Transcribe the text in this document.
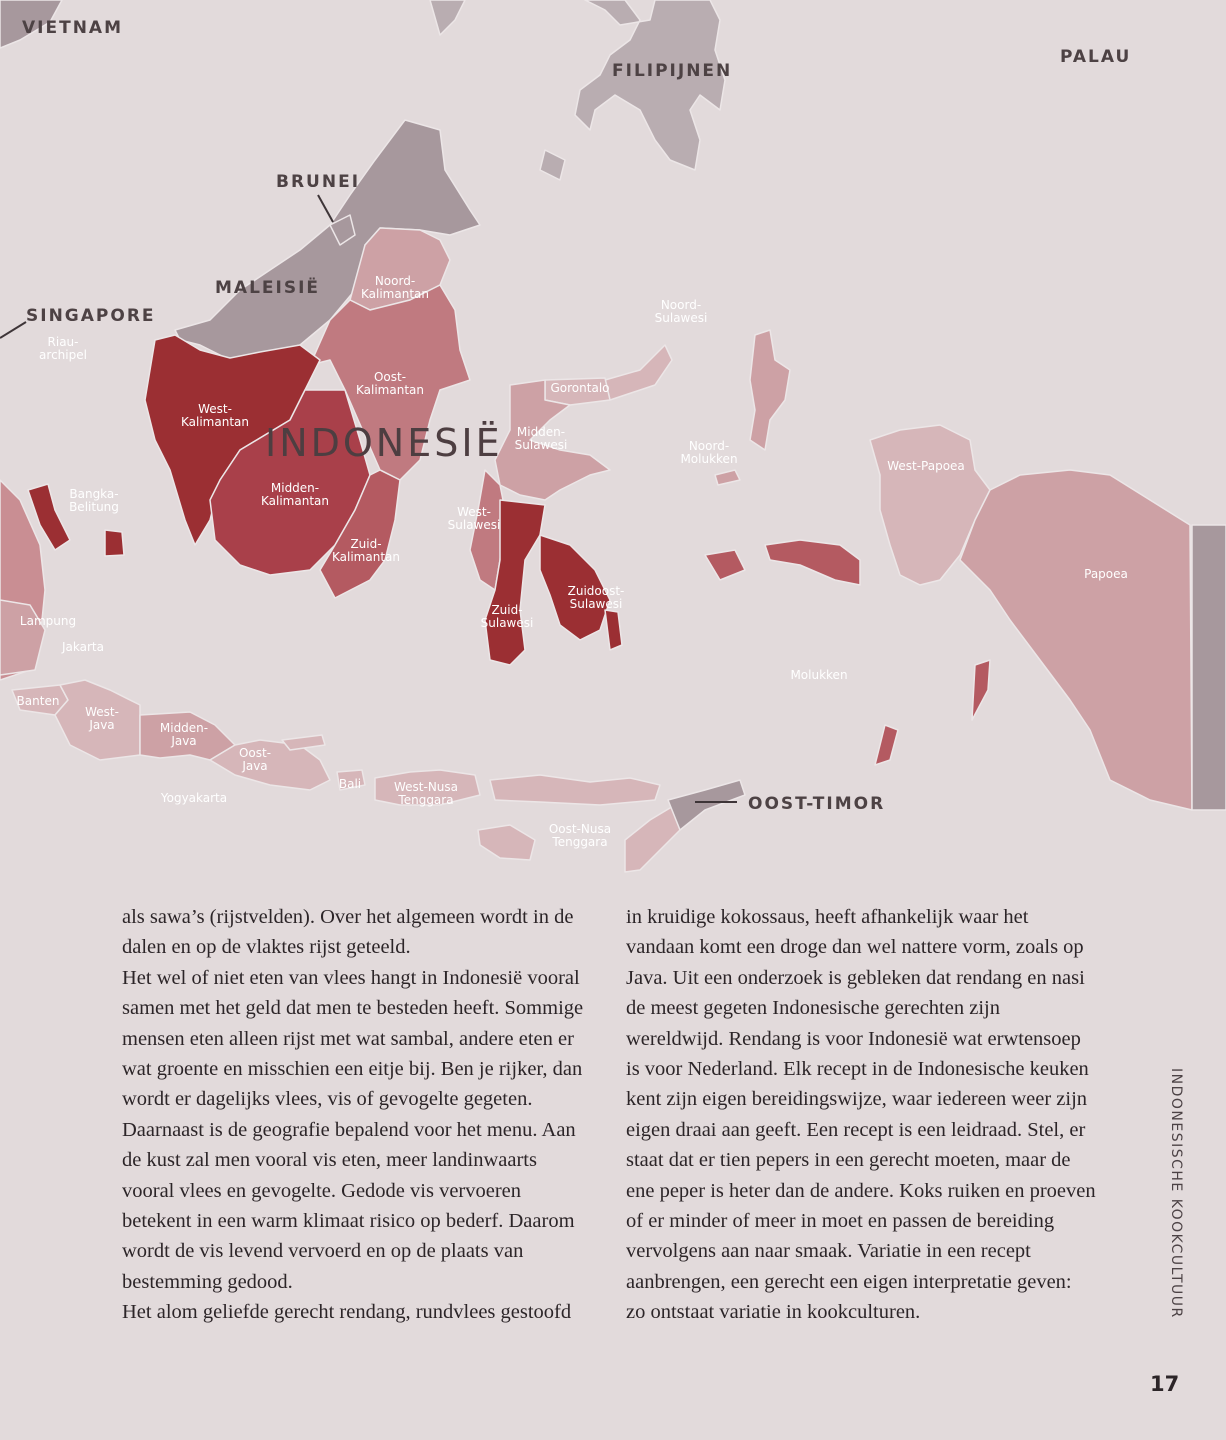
VIETNAM
FILIPIJNEN
PALAU
BRUNEI
MALEISIË
SINGAPORE
OOST-TIMOR
INDONESIË
Noord-Kalimantan
Oost-Kalimantan
West-Kalimantan
Midden-Kalimantan
Zuid-Kalimantan
Riau-archipel
Bangka-Belitung
Lampung
Jakarta
Banten
West-Java	Midden-Java
Oost-Java
Yogyakarta
Bali	West-Nusa Tenggara
Oost-Nusa Tenggara
Noord-Sulawesi
Gorontalo
Midden-Sulawesi
West-Sulawesi
Zuid-Sulawesi
Zuidoost-Sulawesi
Noord-Molukken
Molukken
West-Papoea
Papoea

als sawa’s (rijstvelden). Over het algemeen wordt in de dalen en op de vlaktes rijst geteeld.

Het wel of niet eten van vlees hangt in Indonesië vooral samen met het geld dat men te besteden heeft. Sommige mensen eten alleen rijst met wat sambal, andere eten er wat groente en misschien een eitje bij. Ben je rijker, dan wordt er dagelijks vlees, vis of gevogelte gegeten. Daarnaast is de geografie bepalend voor het menu. Aan de kust zal men vooral vis eten, meer landinwaarts vooral vlees en gevogelte. Gedode vis vervoeren betekent in een warm klimaat risico op bederf. Daarom wordt de vis levend vervoerd en op de plaats van bestemming gedood.

Het alom geliefde gerecht rendang, rundvlees gestoofd

in kruidige kokossaus, heeft afhankelijk waar het vandaan komt een droge dan wel nattere vorm, zoals op Java. Uit een onderzoek is gebleken dat rendang en nasi de meest gegeten Indonesische gerechten zijn wereldwijd. Rendang is voor Indonesië wat erwtensoep is voor Nederland. Elk recept in de Indonesische keuken kent zijn eigen bereidingswijze, waar iedereen weer zijn eigen draai aan geeft. Een recept is een leidraad. Stel, er staat dat er tien pepers in een gerecht moeten, maar de ene peper is heter dan de andere. Koks ruiken en proeven of er minder of meer in moet en passen de bereiding vervolgens aan naar smaak. Variatie in een recept aanbrengen, een gerecht een eigen interpretatie geven: zo ontstaat variatie in kookculturen.	INDONESISCHE KOOKCULTUUR
17
